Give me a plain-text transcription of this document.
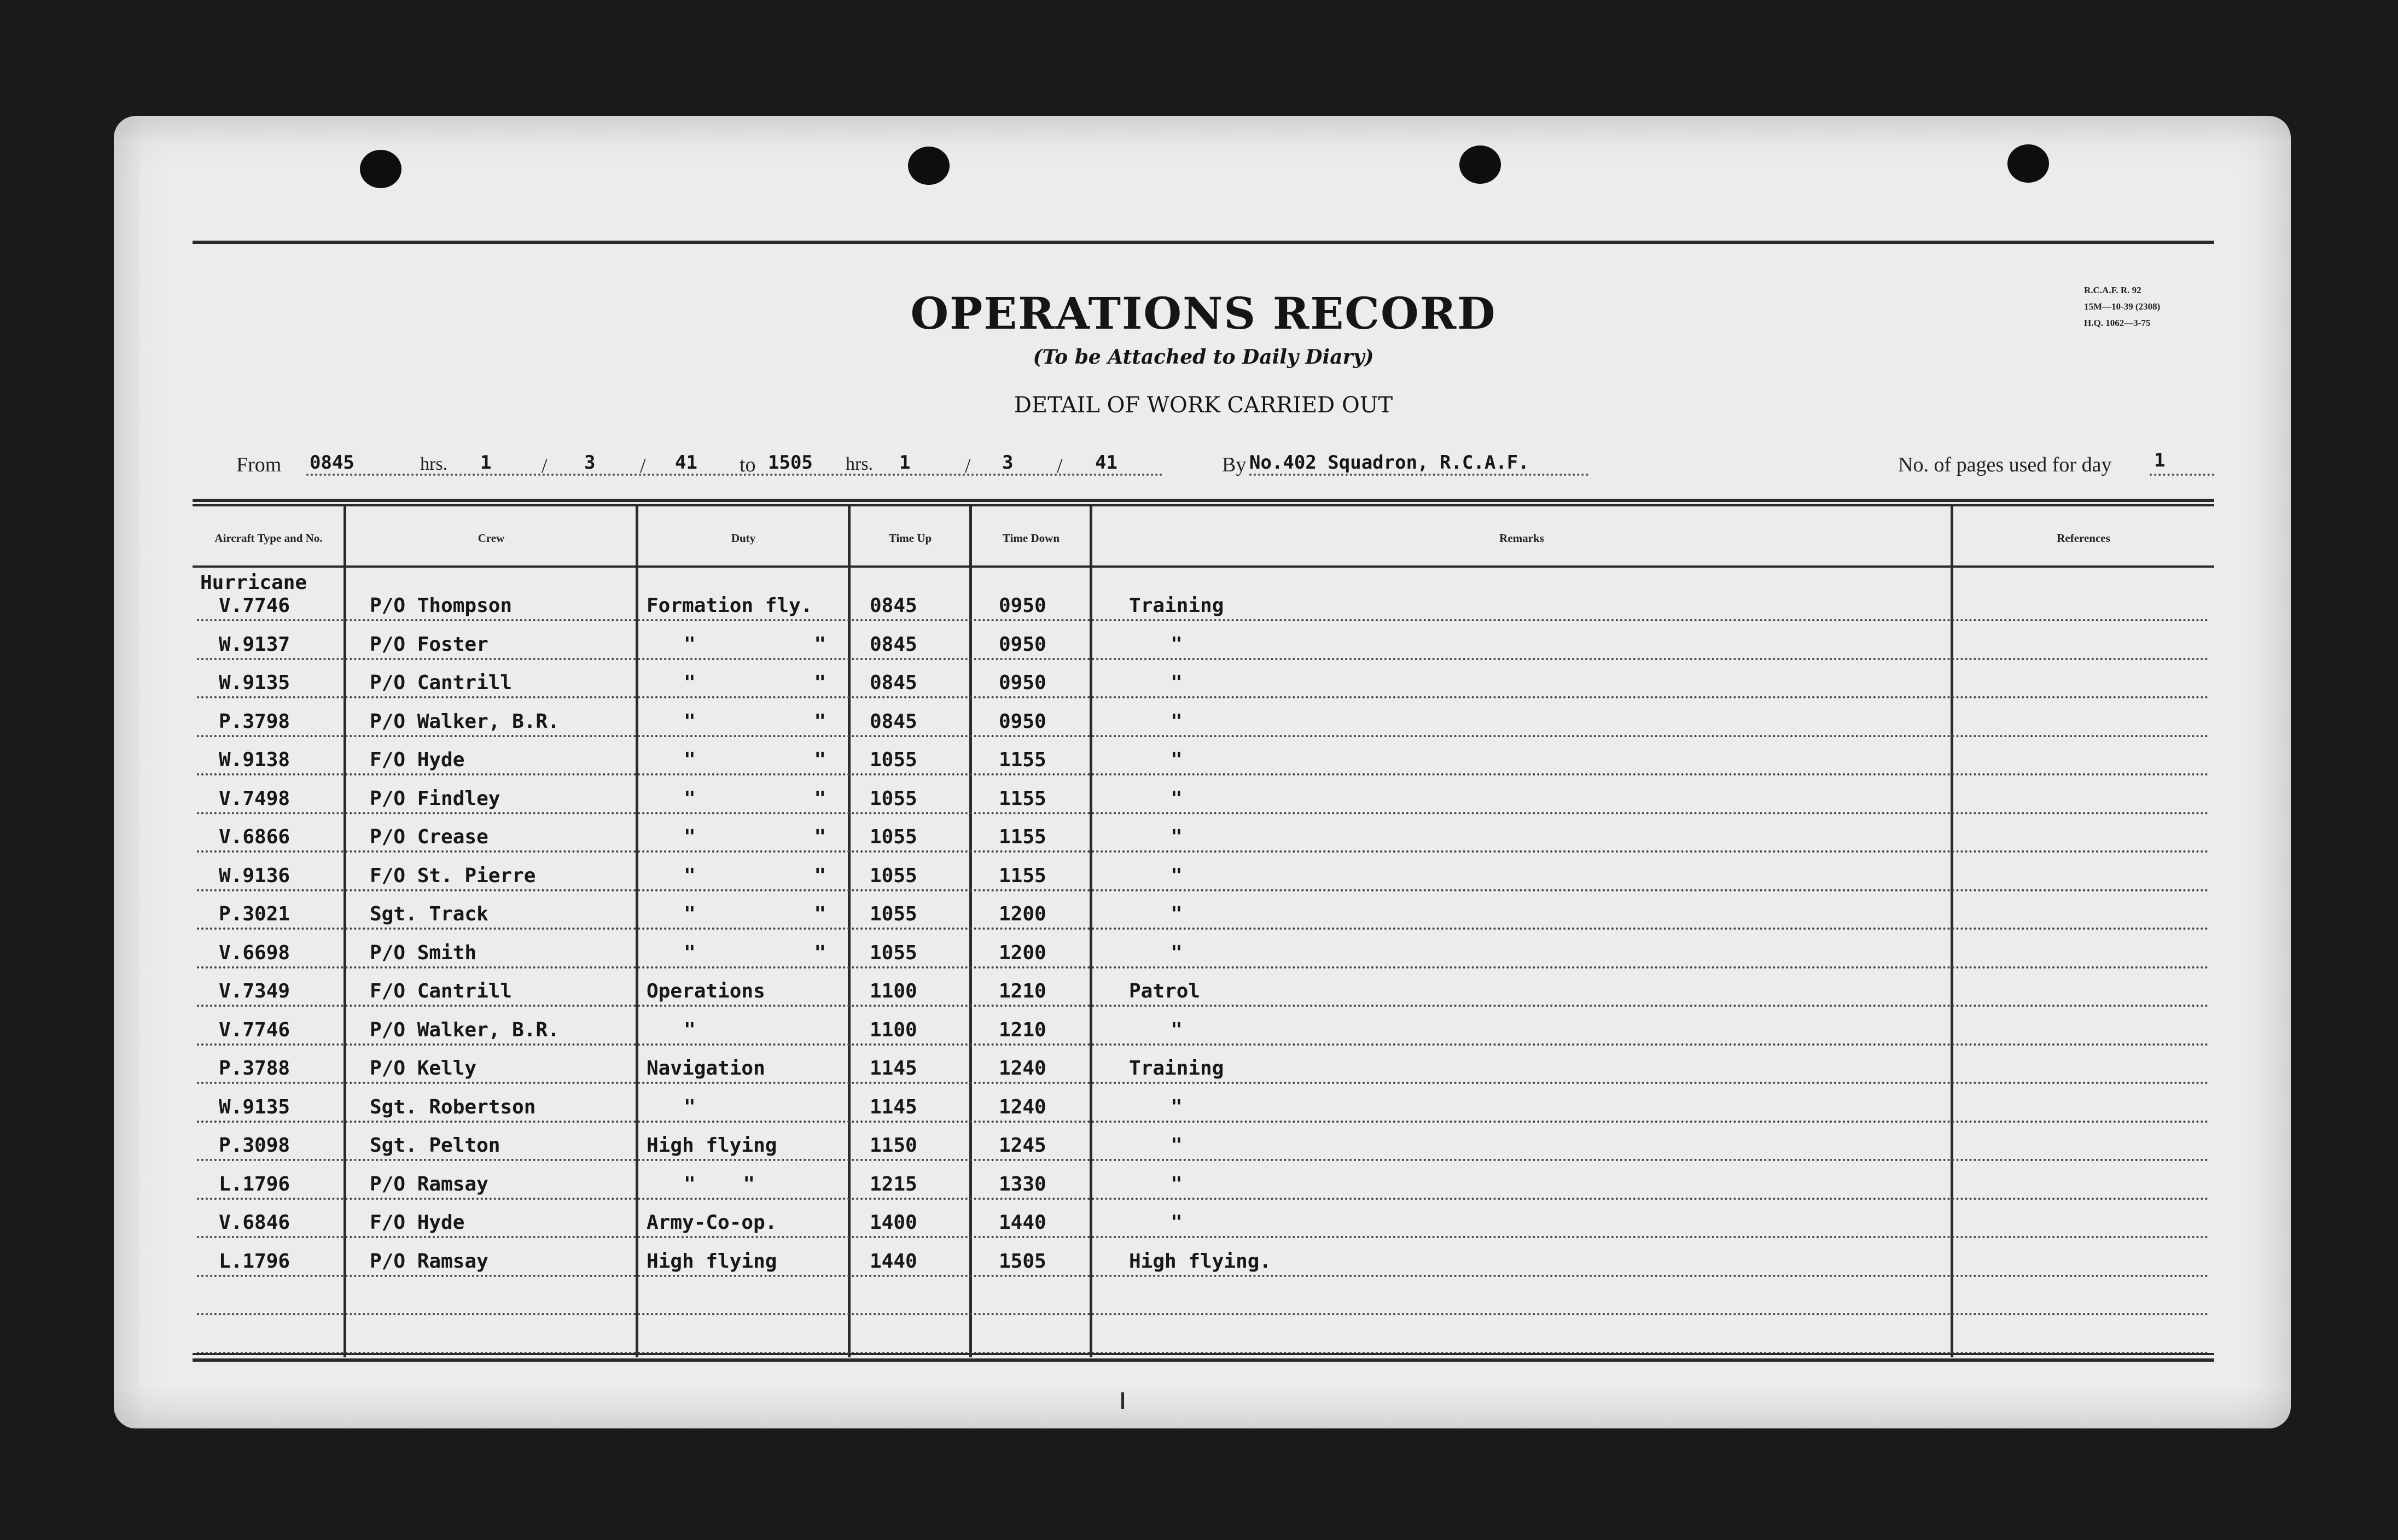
OPERATIONS RECORD
(To be Attached to Daily Diary)
DETAIL OF WORK CARRIED OUT
R.C.A.F. R. 92
15M—10-39 (2308)
H.Q. 1062—3-75
From 0845	hrs. 1 / 3 / 41 to 1505 hrs. 1	/ 3 / 41	By No.402 Squadron, R.C.A.F.	No. of pages used for day 1
Aircraft Type and No.	Crew	Duty	Time Up	Time Down	Remarks	References
Hurricane
V.7746	P/O Thompson	Formation fly.	0845	0950	Training
W.9137	P/O Foster	"          " 0845	0950	"
W.9135	P/O Cantrill	"          " 0845	0950	"
P.3798	P/O Walker, B.R.	"          " 0845	0950	"
W.9138	F/O Hyde	"          " 1055	1155	"
V.7498	P/O Findley	"          " 1055	1155	"
V.6866	P/O Crease	"          " 1055	1155	"
W.9136	F/O St. Pierre	"          " 1055	1155	"
P.3021	Sgt. Track	"          " 1055	1200	"
V.6698	P/O Smith	"          " 1055	1200	"
V.7349	F/O Cantrill	Operations	1100	1210	Patrol
V.7746	P/O Walker, B.R.	"	1100	1210	"
P.3788	P/O Kelly	Navigation	1145	1240	Training
W.9135	Sgt. Robertson	"	1145	1240	"
P.3098	Sgt. Pelton	High flying	1150	1245	"
L.1796	P/O Ramsay	"    "	1215	1330	"
V.6846	F/O Hyde	Army-Co-op.	1400	1440	"
L.1796	P/O Ramsay	High flying	1440	1505	High flying.
